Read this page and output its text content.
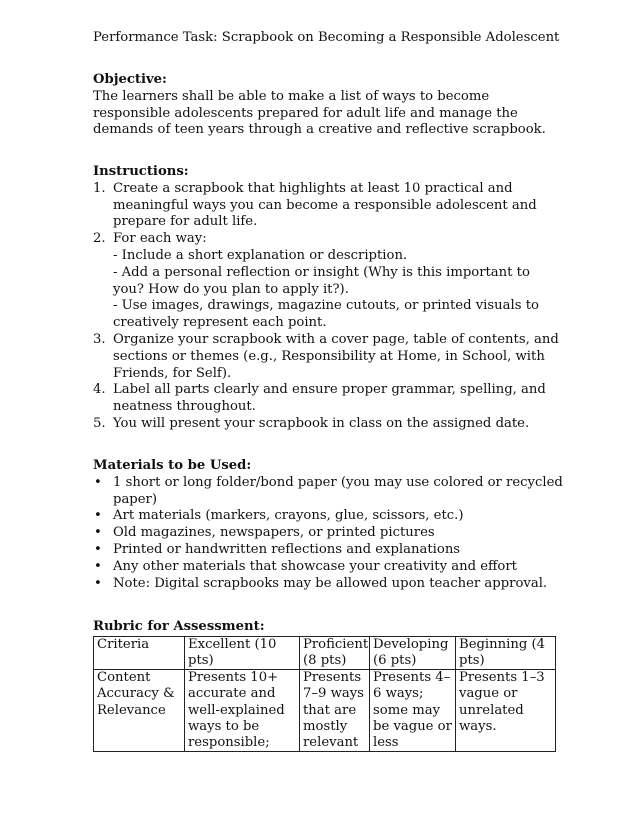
Performance Task: Scrapbook on Becoming a Responsible Adolescent

Objective:

The learners shall be able to make a list of ways to become responsible adolescents prepared for adult life and manage the demands of teen years through a creative and reflective scrapbook.

Instructions:

1. Create a scrapbook that highlights at least 10 practical and meaningful ways you can become a responsible adolescent and prepare for adult life.
2. For each way:
- Include a short explanation or description.
- Add a personal reflection or insight (Why is this important to you? How do you plan to apply it?).
- Use images, drawings, magazine cutouts, or printed visuals to creatively represent each point.
3. Organize your scrapbook with a cover page, table of contents, and sections or themes (e.g., Responsibility at Home, in School, with Friends, for Self).
4. Label all parts clearly and ensure proper grammar, spelling, and neatness throughout.
5. You will present your scrapbook in class on the assigned date.

Materials to be Used:

• 1 short or long folder/bond paper (you may use colored or recycled paper)
• Art materials (markers, crayons, glue, scissors, etc.)
• Old magazines, newspapers, or printed pictures
• Printed or handwritten reflections and explanations
• Any other materials that showcase your creativity and effort
• Note: Digital scrapbooks may be allowed upon teacher approval.

Rubric for Assessment:

Criteria	Excellent (10 pts)	Proficient (8 pts)	Developing (6 pts)	Beginning (4 pts)
Content Accuracy & Relevance	Presents 10+ accurate and well-explained ways to be responsible;	Presents 7–9 ways that are mostly relevant	Presents 4–6 ways; some may be vague or less	Presents 1–3 vague or unrelated ways.
